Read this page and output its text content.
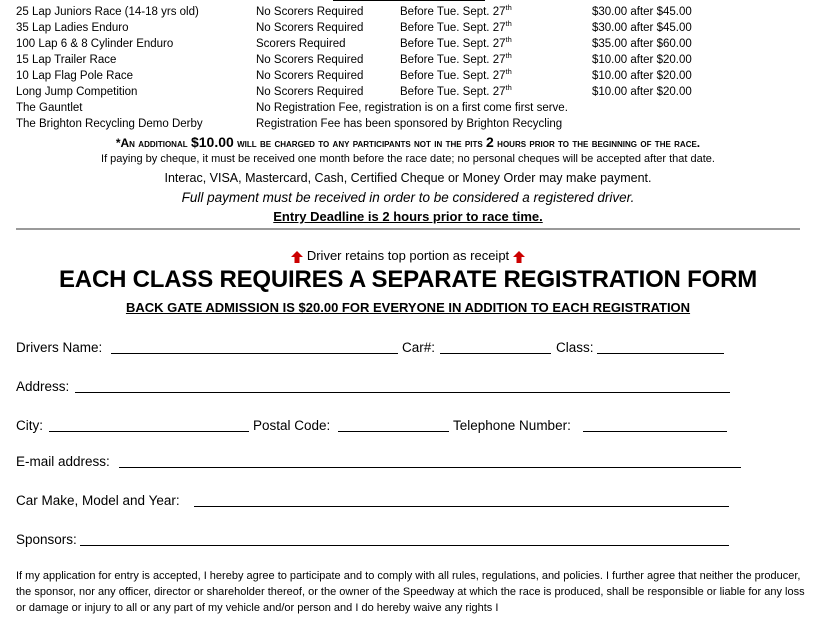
25 Lap Juniors Race (14-18 yrs old)	No Scorers Required	Before Tue. Sept. 27th	$30.00 after $45.00
35 Lap Ladies Enduro	No Scorers Required	Before Tue. Sept. 27th	$30.00 after $45.00
100 Lap 6 & 8 Cylinder Enduro	Scorers Required	Before Tue. Sept. 27th	$35.00 after $60.00
15 Lap Trailer Race	No Scorers Required	Before Tue. Sept. 27th	$10.00 after $20.00
10 Lap Flag Pole Race	No Scorers Required	Before Tue. Sept. 27th	$10.00 after $20.00
Long Jump Competition	No Scorers Required	Before Tue. Sept. 27th	$10.00 after $20.00
The Gauntlet	No Registration Fee, registration is on a first come first serve.
The Brighton Recycling Demo Derby	Registration Fee has been sponsored by Brighton Recycling
*An additional $10.00 will be charged to any participants not in the pits 2 hours prior to the beginning of the race.
If paying by cheque, it must be received one month before the race date; no personal cheques will be accepted after that date.
Interac, VISA, Mastercard, Cash, Certified Cheque or Money Order may make payment.
Full payment must be received in order to be considered a registered driver.
Entry Deadline is 2 hours prior to race time.
Driver retains top portion as receipt
EACH CLASS REQUIRES A SEPARATE REGISTRATION FORM
BACK GATE ADMISSION IS $20.00 FOR EVERYONE IN ADDITION TO EACH REGISTRATION
Drivers Name:	Car#:	Class:
Address:
City:	Postal Code:	Telephone Number:
E-mail address:
Car Make, Model and Year:
Sponsors:
If my application for entry is accepted, I hereby agree to participate and to comply with all rules, regulations, and policies. I further agree that neither the producer, the sponsor, nor any officer, director or shareholder thereof, or the owner of the Speedway at which the race is produced, shall be responsible or liable for any loss or damage or injury to all or any part of my vehicle and/or person and I do hereby waive any rights I
